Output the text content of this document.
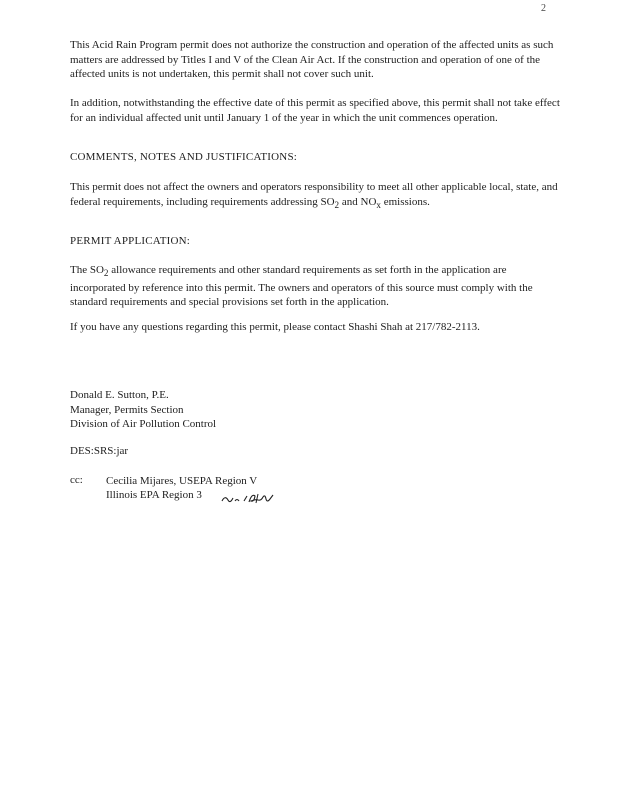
2

This Acid Rain Program permit does not authorize the construction and operation of the affected units as such matters are addressed by Titles I and V of the Clean Air Act. If the construction and operation of one of the affected units is not undertaken, this permit shall not cover such unit.

In addition, notwithstanding the effective date of this permit as specified above, this permit shall not take effect for an individual affected unit until January 1 of the year in which the unit commences operation.

COMMENTS, NOTES AND JUSTIFICATIONS:

This permit does not affect the owners and operators responsibility to meet all other applicable local, state, and federal requirements, including requirements addressing $SO_2$ and $NO_x$ emissions.

PERMIT APPLICATION:

The $SO_2$ allowance requirements and other standard requirements as set forth in the application are incorporated by reference into this permit. The owners and operators of this source must comply with the standard requirements and special provisions set forth in the application.

If you have any questions regarding this permit, please contact Shashi Shah at 217/782-2113.

Donald E. Sutton, P.E.
Manager, Permits Section
Division of Air Pollution Control
DES:SRS:jar
cc: Cecilia Mijares, USEPA Region V
Illinois EPA Region 3
